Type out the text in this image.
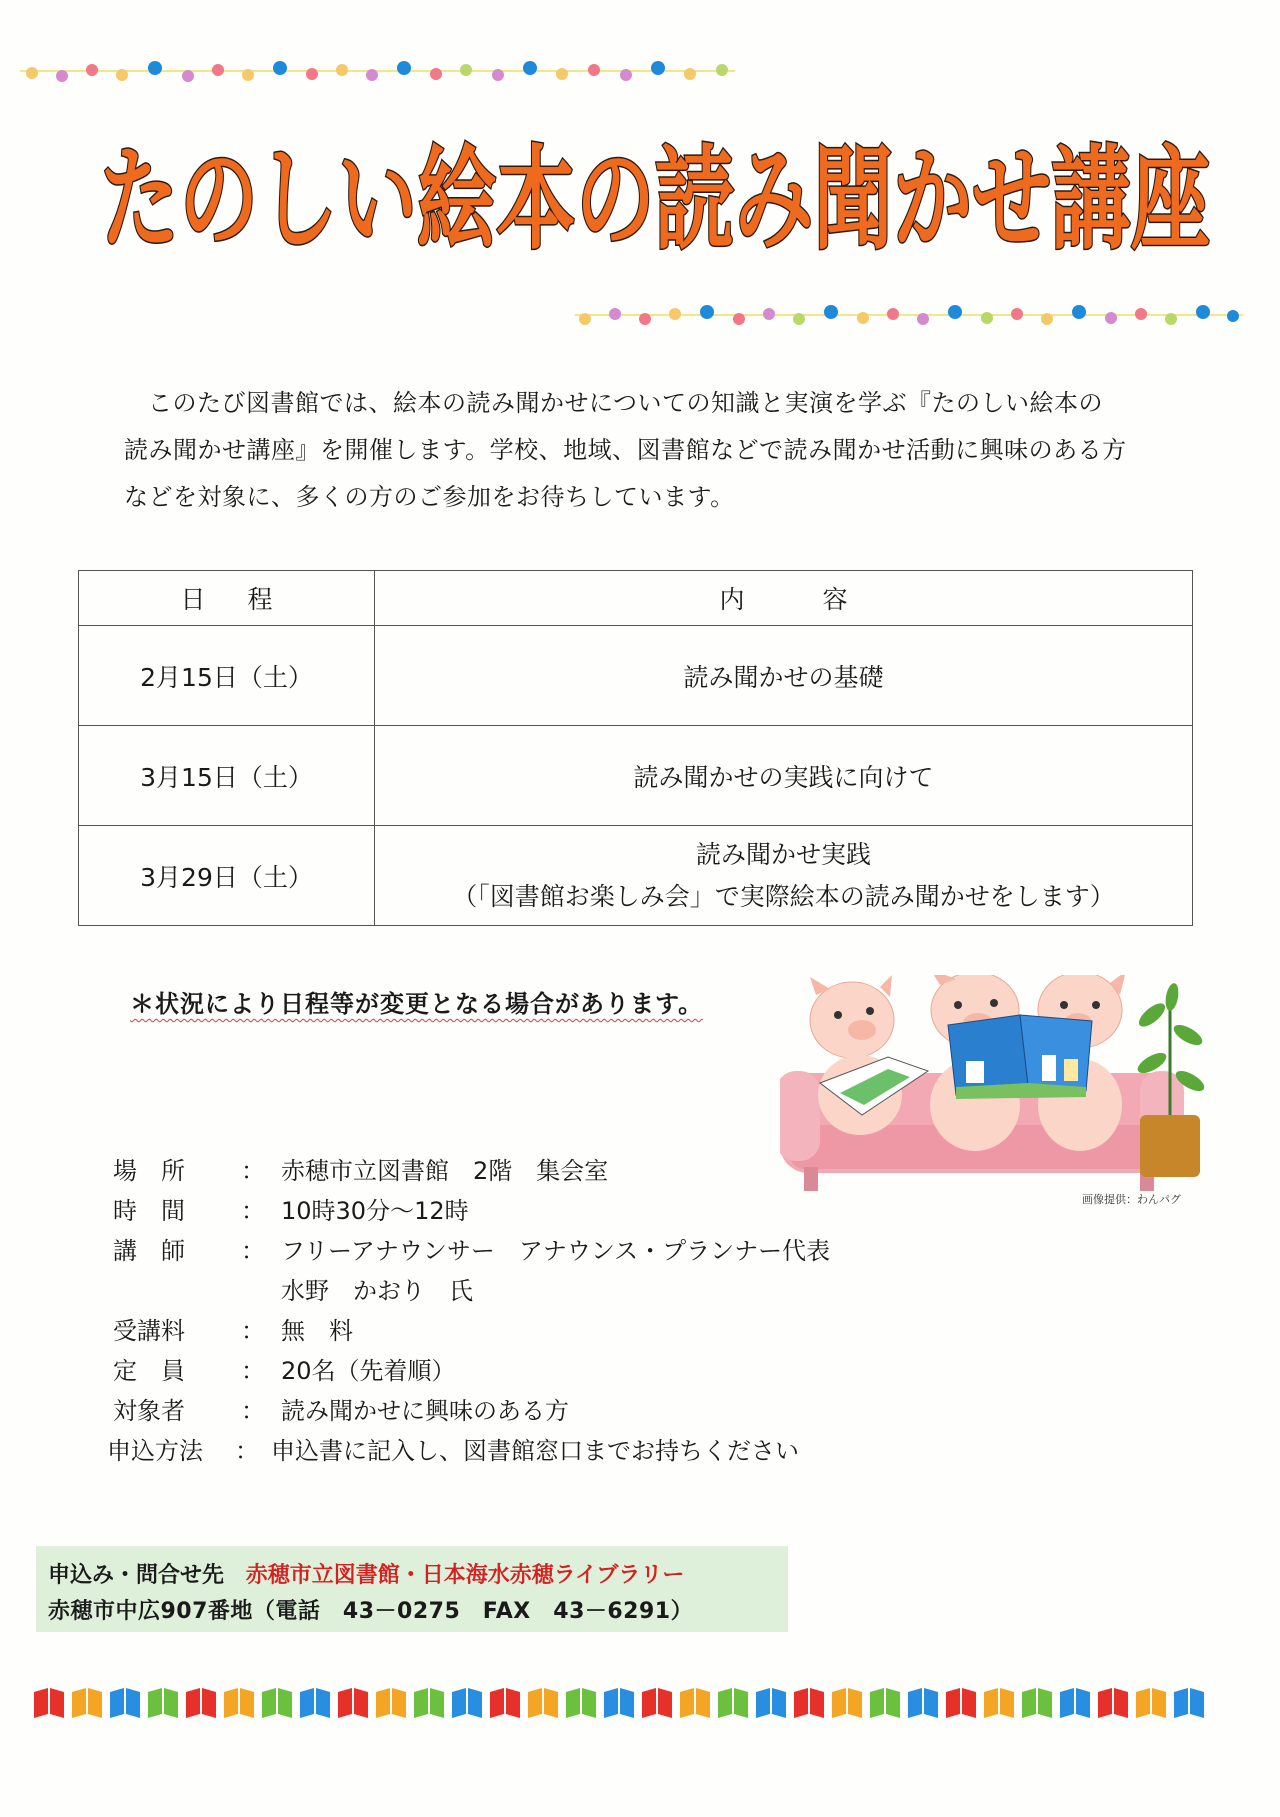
たのしい絵本の読み聞かせ講座

このたび図書館では、絵本の読み聞かせについての知識と実演を学ぶ『たのしい絵本の

読み聞かせ講座』を開催します。学校、地域、図書館などで読み聞かせ活動に興味のある方

などを対象に、多くの方のご参加をお待ちしています。

日程	内容
2月15日（土）	読み聞かせの基礎
3月15日（土）	読み聞かせの実践に向けて
3月29日（土）	読み聞かせ実践
（「図書館お楽しみ会」で実際絵本の読み聞かせをします）
＊状況により日程等が変更となる場合があります。
画像提供：わんパグ
場　所	： 赤穂市立図書館　2階　集会室
時　間	： 10時30分～12時
講　師	： フリーアナウンサー　アナウンス・プランナー代表
水野　かおり　氏
受講料	： 無　料
定　員	： 20名（先着順）
対象者	： 読み聞かせに興味のある方
申込方法	： 申込書に記入し、図書館窓口までお持ちください
申込み・問合せ先 赤穂市立図書館・日本海水赤穂ライブラリー
赤穂市中広907番地（電話　43－0275　FAX　43－6291）
